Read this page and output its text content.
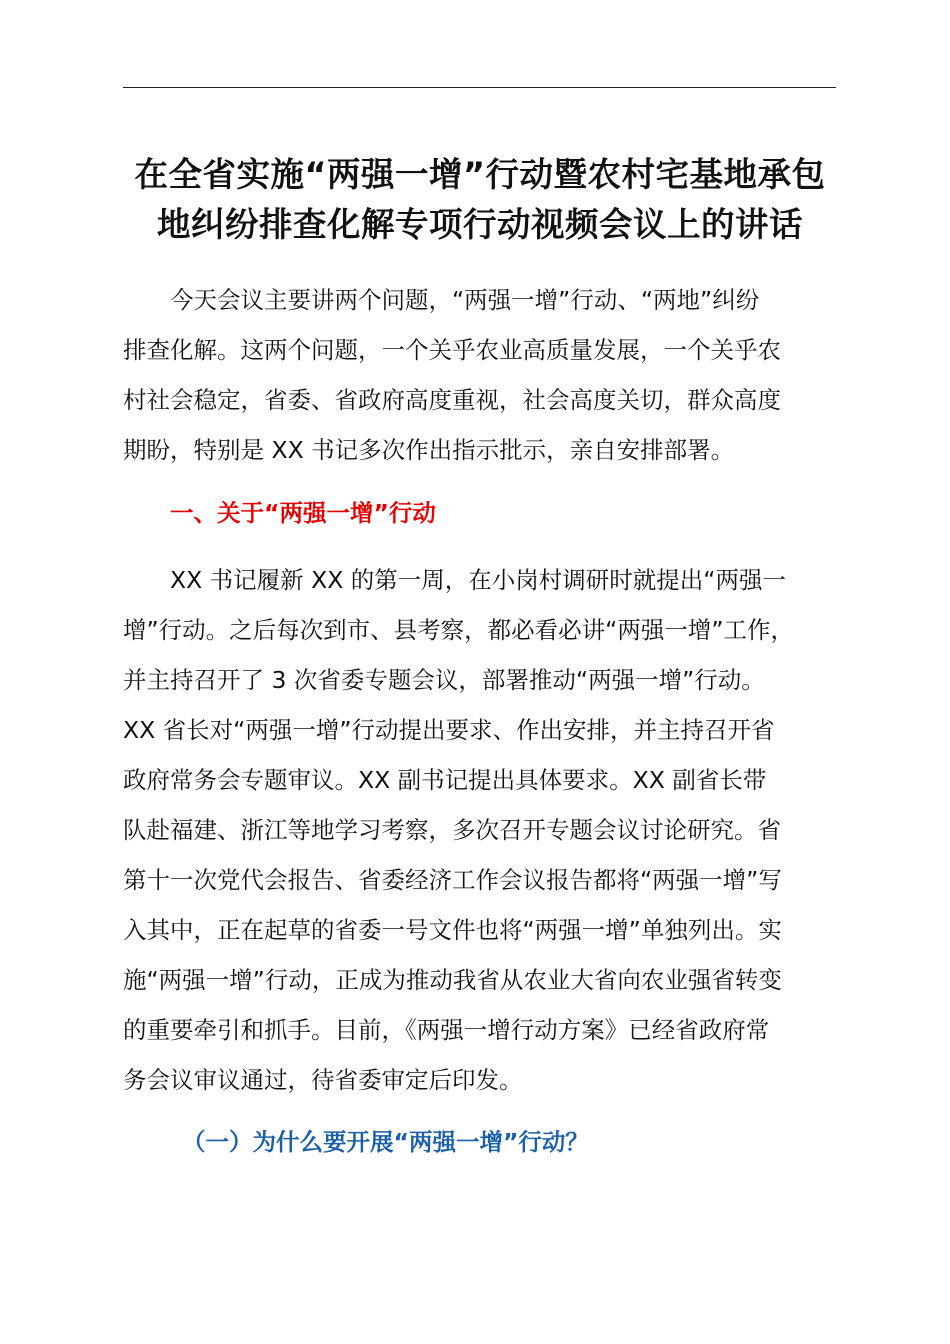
在全省实施“两强一增”行动暨农村宅基地承包
地纠纷排查化解专项行动视频会议上的讲话

今天会议主要讲两个问题，“两强一增”行动、“两地”纠纷
排查化解。这两个问题，一个关乎农业高质量发展，一个关乎农
村社会稳定，省委、省政府高度重视，社会高度关切，群众高度
期盼，特别是 XX 书记多次作出指示批示，亲自安排部署。

一、关于“两强一增”行动

XX 书记履新 XX 的第一周，在小岗村调研时就提出“两强一
增”行动。之后每次到市、县考察，都必看必讲“两强一增”工作，
并主持召开了 3 次省委专题会议，部署推动“两强一增”行动。
XX 省长对“两强一增”行动提出要求、作出安排，并主持召开省
政府常务会专题审议。XX 副书记提出具体要求。XX 副省长带
队赴福建、浙江等地学习考察，多次召开专题会议讨论研究。省
第十一次党代会报告、省委经济工作会议报告都将“两强一增”写
入其中，正在起草的省委一号文件也将“两强一增”单独列出。实
施“两强一增”行动，正成为推动我省从农业大省向农业强省转变
的重要牵引和抓手。目前，《两强一增行动方案》已经省政府常
务会议审议通过，待省委审定后印发。

（一）为什么要开展“两强一增”行动？
